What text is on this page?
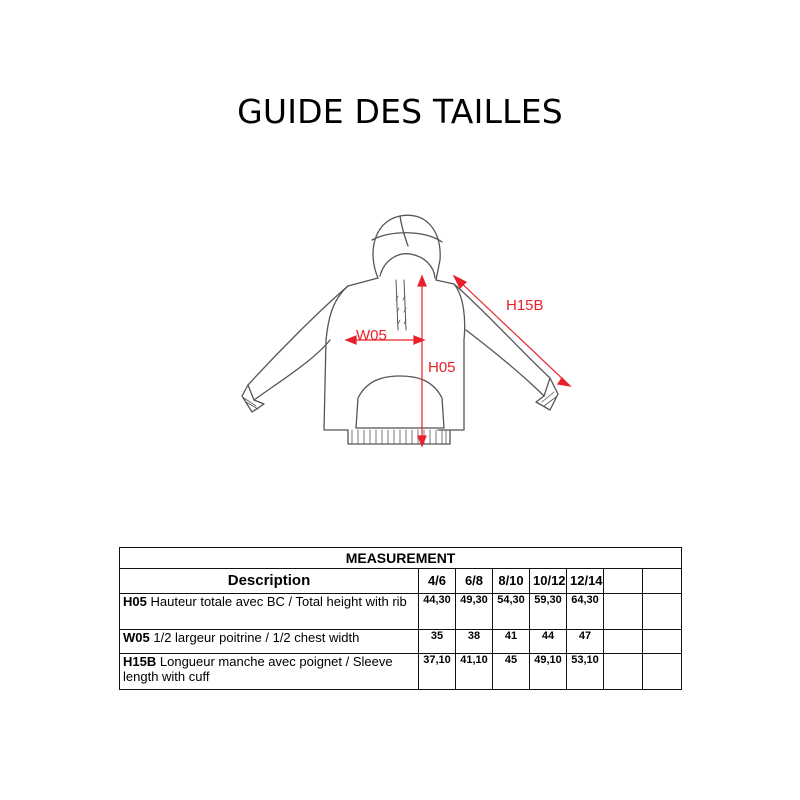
GUIDE DES TAILLES
H15B
W05
H05
MEASUREMENT							
Description	4/6	6/8	8/10	10/12	12/14		
H05 Hauteur totale avec BC / Total height with rib	44,30	49,30	54,30	59,30	64,30		
W05 1/2 largeur poitrine / 1/2 chest width	35	38	41	44	47		
H15B Longueur manche avec poignet / Sleeve length with cuff	37,10	41,10	45	49,10	53,10		
